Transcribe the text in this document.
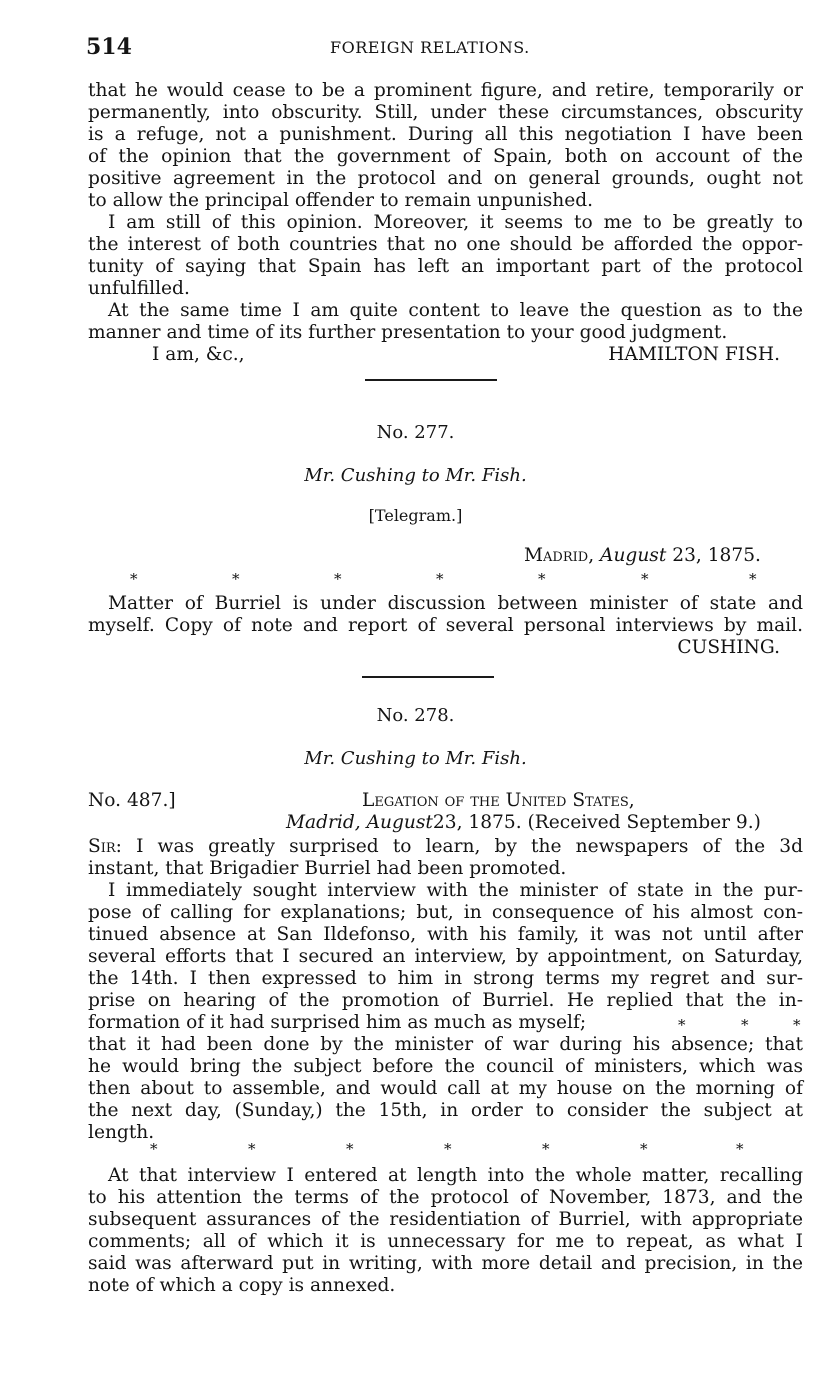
514	FOREIGN RELATIONS.
that he would cease to be a prominent figure, and retire, temporarily or
permanently, into obscurity. Still, under these circumstances, obscurity
is a refuge, not a punishment. During all this negotiation I have been
of the opinion that the government of Spain, both on account of the
positive agreement in the protocol and on general grounds, ought not
to allow the principal offender to remain unpunished.
I am still of this opinion. Moreover, it seems to me to be greatly to
the interest of both countries that no one should be afforded the oppor-
tunity of saying that Spain has left an important part of the protocol
unfulfilled.
At the same time I am quite content to leave the question as to the
manner and time of its further presentation to your good judgment.
I am, &c.,	HAMILTON FISH.
No. 277.
Mr. Cushing to Mr. Fish.
[Telegram.]
Madrid, August 23, 1875.
*	*	*	*	*	*	*
Matter of Burriel is under discussion between minister of state and
myself. Copy of note and report of several personal interviews by mail.
CUSHING.
No. 278.
Mr. Cushing to Mr. Fish.
No. 487.]	Legation of the United States,
Madrid, August23, 1875. (Received September 9.)
Sir: I was greatly surprised to learn, by the newspapers of the 3d
instant, that Brigadier Burriel had been promoted.
I immediately sought interview with the minister of state in the pur-
pose of calling for explanations; but, in consequence of his almost con-
tinued absence at San Ildefonso, with his family, it was not until after
several efforts that I secured an interview, by appointment, on Saturday,
the 14th. I then expressed to him in strong terms my regret and sur-
prise on hearing of the promotion of Burriel. He replied that the in-
formation of it had surprised him as much as myself;	*	*	*
that it had been done by the minister of war during his absence; that
he would bring the subject before the council of ministers, which was
then about to assemble, and would call at my house on the morning of
the next day, (Sunday,) the 15th, in order to consider the subject at
length.
*	*	*	*	*	*	*
At that interview I entered at length into the whole matter, recalling
to his attention the terms of the protocol of November, 1873, and the
subsequent assurances of the residentiation of Burriel, with appropriate
comments; all of which it is unnecessary for me to repeat, as what I
said was afterward put in writing, with more detail and precision, in the
note of which a copy is annexed.
